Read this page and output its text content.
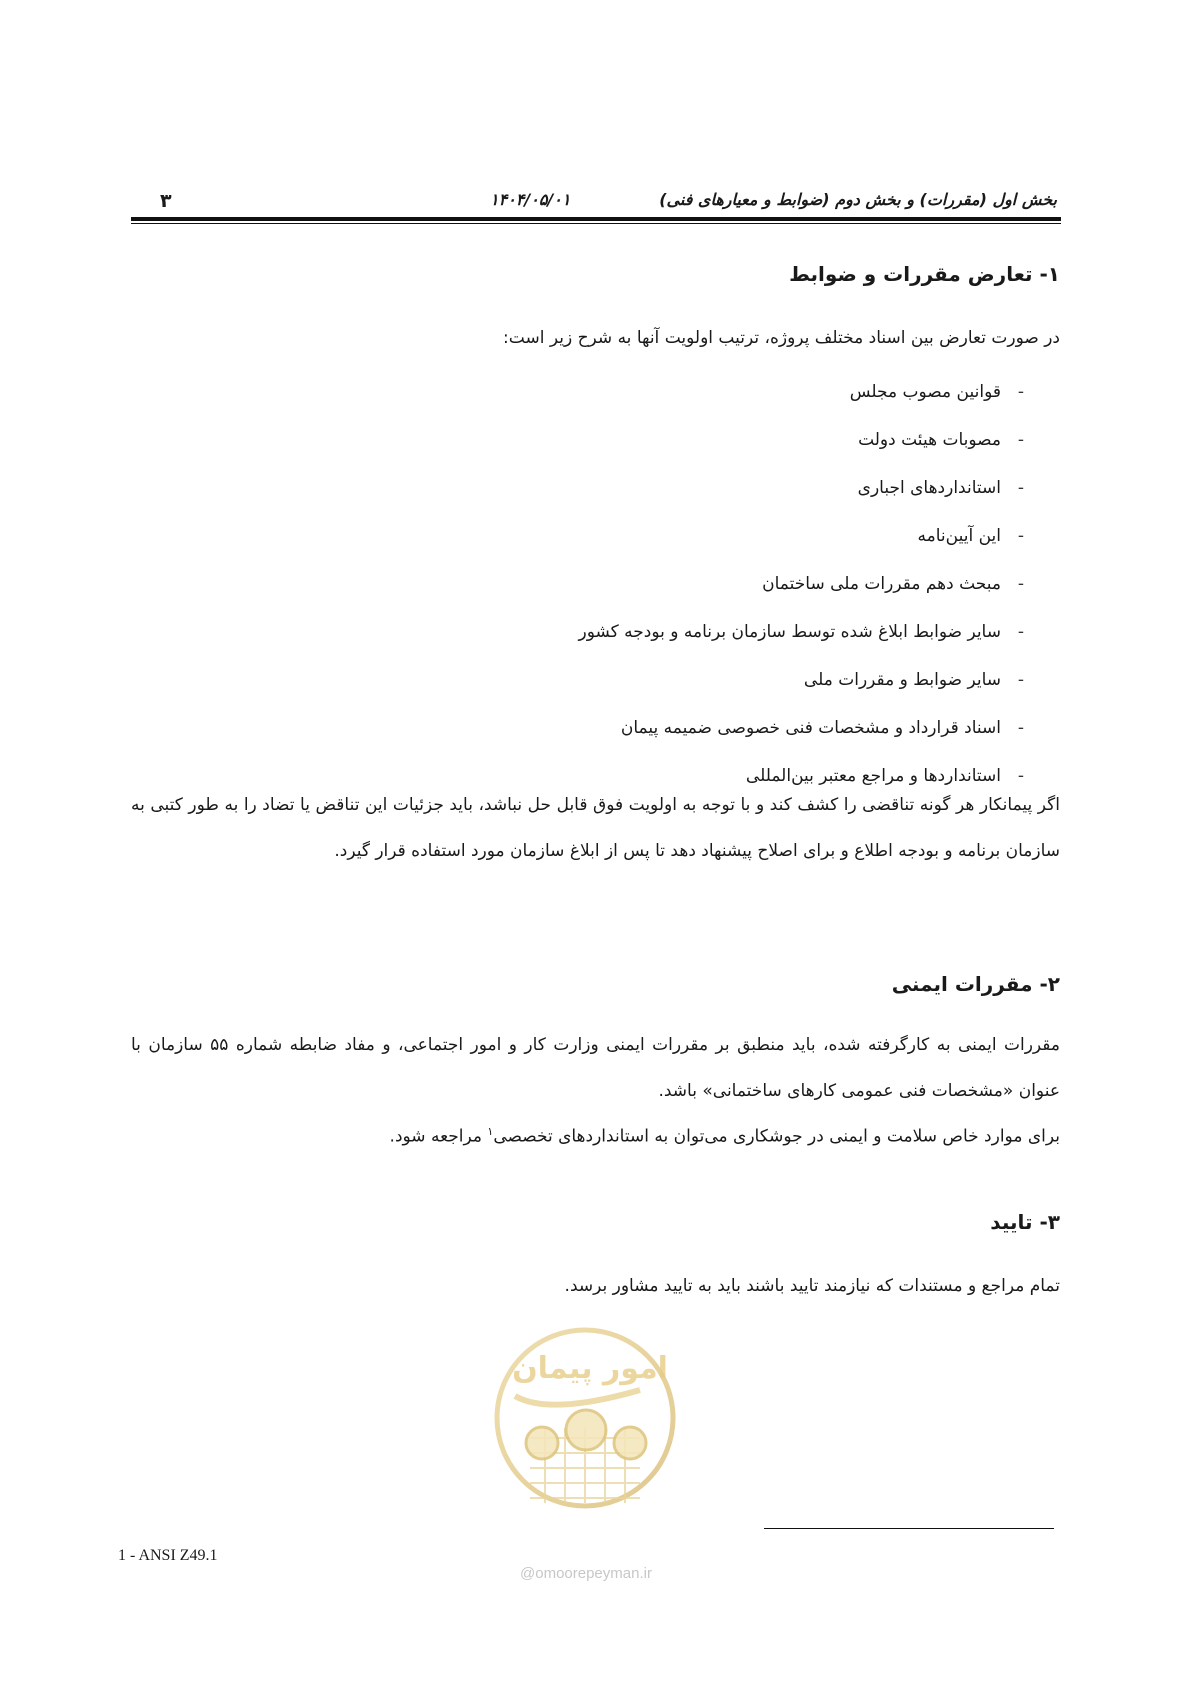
بخش اول (مقررات) و بخش دوم (ضوابط و معیارهای فنی)
۱۴۰۴/۰۵/۰۱
۳
۱- تعارض مقررات و ضوابط
در صورت تعارض بین اسناد مختلف پروژه، ترتیب اولویت آنها به شرح زیر است:
-
قوانین مصوب مجلس
-
مصوبات هیئت دولت
-
استانداردهای اجباری
-
این آیین‌نامه
-
مبحث دهم مقررات ملی ساختمان
-
سایر ضوابط ابلاغ شده توسط سازمان برنامه و بودجه کشور
-
سایر ضوابط و مقررات ملی
-
اسناد قرارداد و مشخصات فنی خصوصی ضمیمه پیمان
-
استانداردها و مراجع معتبر بین‌المللی
اگر پیمانکار هر گونه تناقضی را کشف کند و با توجه به اولویت فوق قابل حل نباشد، باید جزئیات این تناقض یا تضاد را به طور کتبی به سازمان برنامه و بودجه اطلاع و برای اصلاح پیشنهاد دهد تا پس از ابلاغ سازمان مورد استفاده قرار گیرد.
۲- مقررات ایمنی
مقررات ایمنی به کارگرفته شده، باید منطبق بر مقررات ایمنی وزارت کار و امور اجتماعی، و مفاد ضابطه شماره ۵۵ سازمان با عنوان «مشخصات فنی عمومی کارهای ساختمانی» باشد.
برای موارد خاص سلامت و ایمنی در جوشکاری می‌توان به استانداردهای تخصصی$^۱$ مراجعه شود.
۳- تایید
تمام مراجع و مستندات که نیازمند تایید باشند باید به تایید مشاور برسد.
امور پیمان
@omoorepeyman.ir
1 - ANSI Z49.1
